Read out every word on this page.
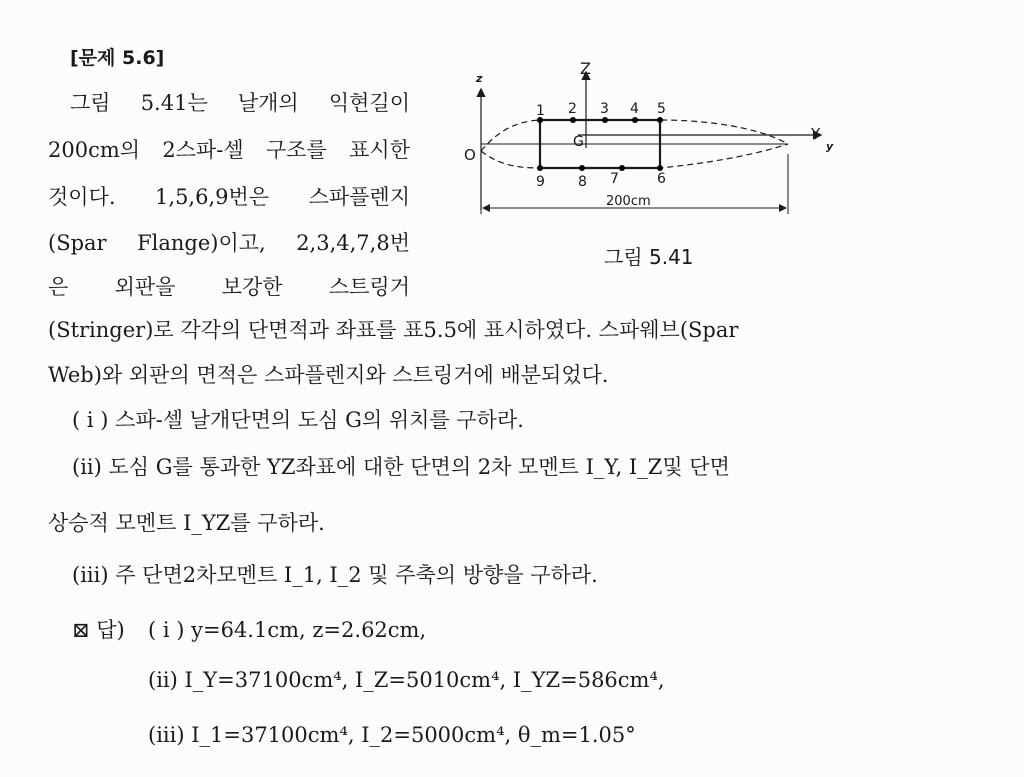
[문제 5.6]
그림 5.41는 날개의 익현길이
200cm의 2스파-셀 구조를 표시한
것이다. 1,5,6,9번은 스파플렌지
(Spar Flange)이고, 2,3,4,7,8번
은 외판을 보강한 스트링거
(Stringer)로 각각의 단면적과 좌표를 표5.5에 표시하였다. 스파웨브(Spar
Web)와 외판의 면적은 스파플렌지와 스트링거에 배분되었다.
( i ) 스파-셀 날개단면의 도심 G의 위치를 구하라.
(ii) 도심 G를 통과한 YZ좌표에 대한 단면의 2차 모멘트 I_Y, I_Z및 단면
상승적 모멘트 I_YZ를 구하라.
(iii) 주 단면2차모멘트 I_1, I_2 및 주축의 방향을 구하라.
z
Z
Y
y
O
G
200cm
1 2 3 4 5
9 8 7	6
그림 5.41
⊠ 답) ( i ) y=64.1cm, z=2.62cm,
(ii) I_Y=37100cm⁴, I_Z=5010cm⁴, I_YZ=586cm⁴,
(iii) I_1=37100cm⁴, I_2=5000cm⁴, θ_m=1.05°
